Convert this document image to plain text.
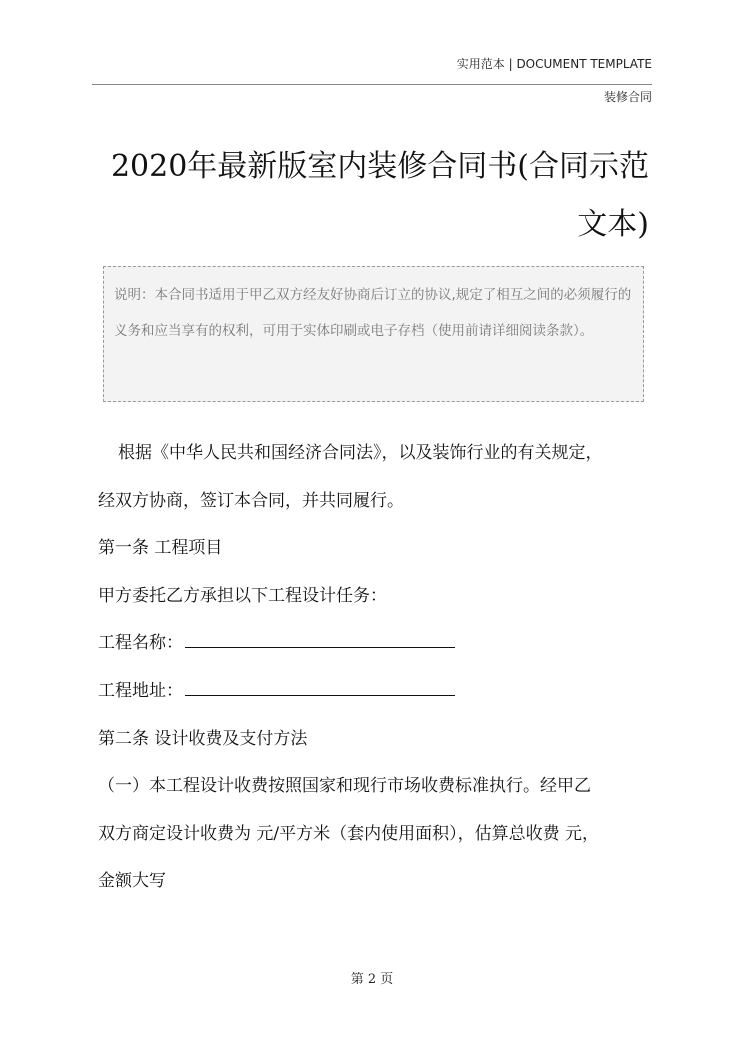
实用范本 | DOCUMENT TEMPLATE
装修合同
2020年最新版室内装修合同书(合同示范
文本)
说明：本合同书适用于甲乙双方经友好协商后订立的协议,规定了相互之间的必须履行的义务和应当享有的权利，可用于实体印刷或电子存档（使用前请详细阅读条款）。

根据《中华人民共和国经济合同法》，以及装饰行业的有关规定，

经双方协商，签订本合同，并共同履行。

第一条 工程项目

甲方委托乙方承担以下工程设计任务：

工程名称：

工程地址：

第二条 设计收费及支付方法

（一）本工程设计收费按照国家和现行市场收费标准执行。经甲乙

双方商定设计收费为 元/平方米（套内使用面积），估算总收费 元，

金额大写

第 2 页
